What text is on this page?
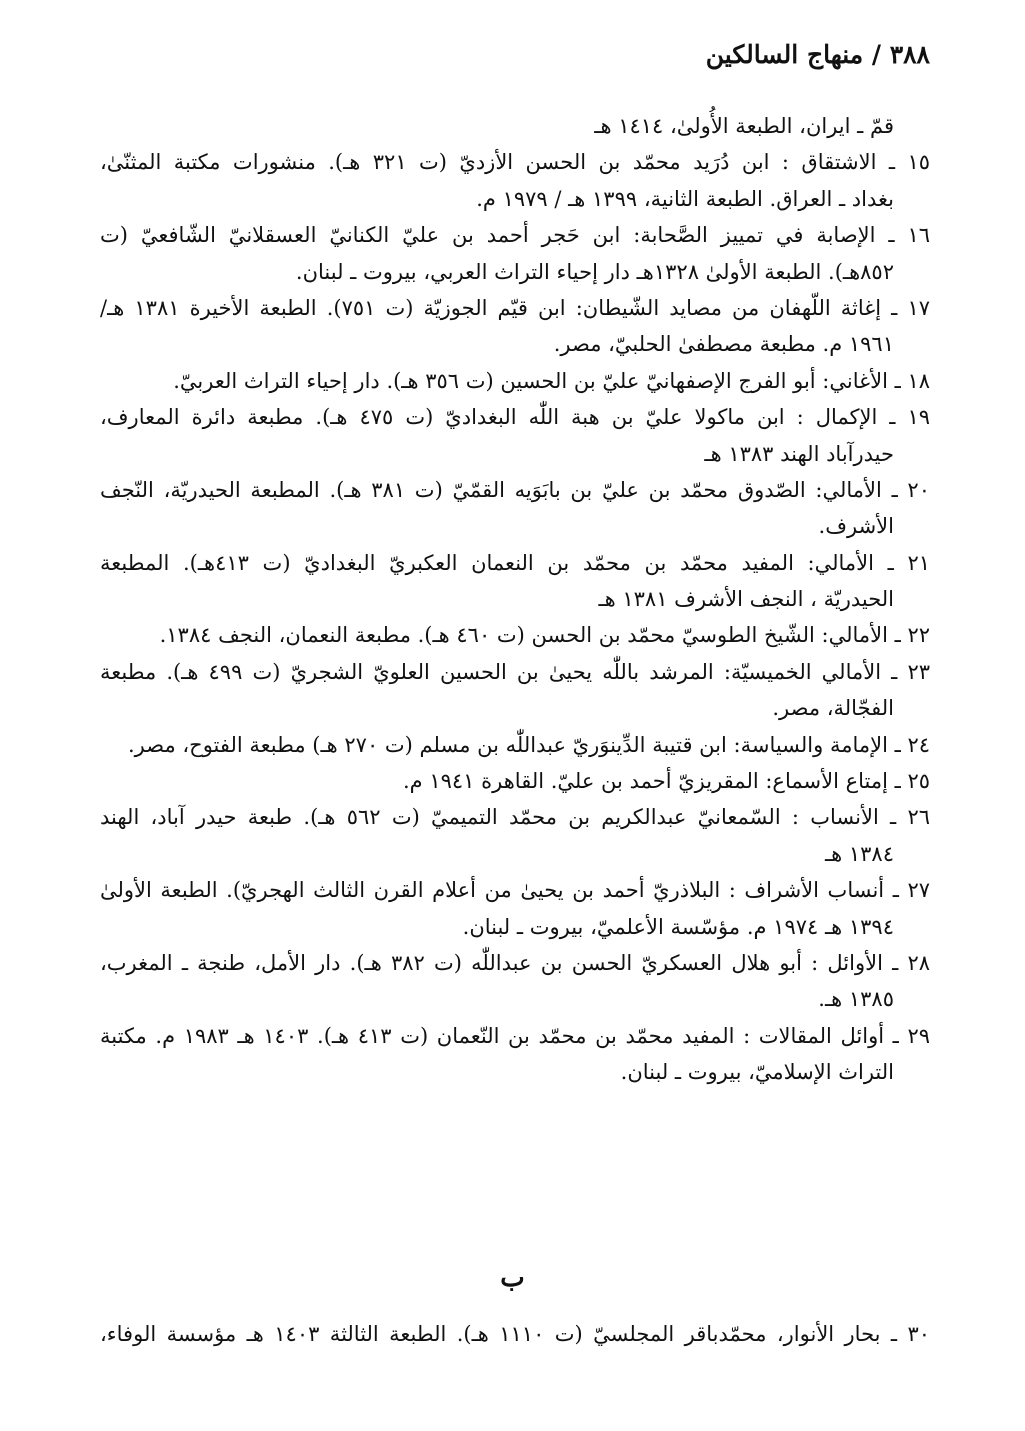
٣٨٨ / منهاج السالكين
قمّ ـ ايران، الطبعة الأُولىٰ، ١٤١٤ هـ
١٥ ـ الاشتقاق : ابن دُرَيد محمّد بن الحسن الأزديّ (ت ٣٢١ هـ). منشورات مكتبة المثنّىٰ،
بغداد ـ العراق. الطبعة الثانية، ١٣٩٩ هـ / ١٩٧٩ م.
١٦ ـ الإصابة في تمييز الصَّحابة: ابن حَجر أحمد بن عليّ الكنانيّ العسقلانيّ الشّافعيّ (ت
٨٥٢هـ). الطبعة الأولىٰ ١٣٢٨هـ دار إحياء التراث العربي، بيروت ـ لبنان.
١٧ ـ إغاثة اللّهفان من مصايد الشّيطان: ابن قيّم الجوزيّة (ت ٧٥١). الطبعة الأخيرة ١٣٨١ هـ/
١٩٦١ م. مطبعة مصطفىٰ الحلبيّ، مصر.
١٨ ـ الأغاني: أبو الفرج الإصفهانيّ عليّ بن الحسين (ت ٣٥٦ هـ). دار إحياء التراث العربيّ.
١٩ ـ الإكمال : ابن ماكولا عليّ بن هبة اللّٰه البغداديّ (ت ٤٧٥ هـ). مطبعة دائرة المعارف،
حيدرآباد الهند ١٣٨٣ هـ
٢٠ ـ الأمالي: الصّدوق محمّد بن عليّ بن بابَوَيه القمّيّ (ت ٣٨١ هـ). المطبعة الحيدريّة، النّجف
الأشرف.
٢١ ـ الأمالي: المفيد محمّد بن محمّد بن النعمان العكبريّ البغداديّ (ت ٤١٣هـ). المطبعة
الحيدريّة ، النجف الأشرف ١٣٨١ هـ
٢٢ ـ الأمالي: الشّيخ الطوسيّ محمّد بن الحسن (ت ٤٦٠ هـ). مطبعة النعمان، النجف ١٣٨٤.
٢٣ ـ الأمالي الخميسيّة: المرشد باللّٰه يحيىٰ بن الحسين العلويّ الشجريّ (ت ٤٩٩ هـ). مطبعة
الفجّالة، مصر.
٢٤ ـ الإمامة والسياسة: ابن قتيبة الدِّينوَريّ عبداللّٰه بن مسلم (ت ٢٧٠ هـ) مطبعة الفتوح، مصر.
٢٥ ـ إمتاع الأسماع: المقريزيّ أحمد بن عليّ. القاهرة ١٩٤١ م.
٢٦ ـ الأنساب : السّمعانيّ عبدالكريم بن محمّد التميميّ (ت ٥٦٢ هـ). طبعة حيدر آباد، الهند
١٣٨٤ هـ
٢٧ ـ أنساب الأشراف : البلاذريّ أحمد بن يحيىٰ من أعلام القرن الثالث الهجريّ). الطبعة الأولىٰ
١٣٩٤ هـ ١٩٧٤ م. مؤسّسة الأعلميّ، بيروت ـ لبنان.
٢٨ ـ الأوائل : أبو هلال العسكريّ الحسن بن عبداللّٰه (ت ٣٨٢ هـ). دار الأمل، طنجة ـ المغرب،
١٣٨٥ هـ.
٢٩ ـ أوائل المقالات : المفيد محمّد بن محمّد بن النّعمان (ت ٤١٣ هـ). ١٤٠٣ هـ ١٩٨٣ م. مكتبة
التراث الإسلاميّ، بيروت ـ لبنان.
ب
٣٠ ـ بحار الأنوار، محمّدباقر المجلسيّ (ت ١١١٠ هـ). الطبعة الثالثة ١٤٠٣ هـ مؤسسة الوفاء،
